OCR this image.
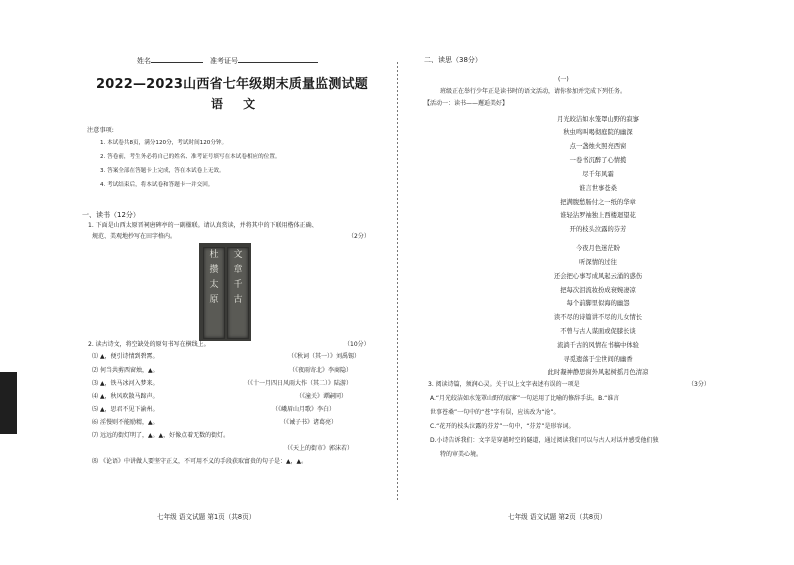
姓名	准考证号
2022—2023山西省七年级期末质量监测试题
语 文
注意事项:
1. 本试卷共8页，满分120分，考试时间120分钟。
2. 答卷前，考生务必将自己的姓名、准考证号填写在本试卷相应的位置。
3. 答案全部在答题卡上完成，答在本试卷上无效。
4. 考试结束后，将本试卷和答题卡一并交回。
一、读书（12分）
1. 下面是山西太原晋祠唐碑亭的一副楹联。请认真赏读，并将其中的下联用楷体正确、
规范、美观地抄写在田字格内。	（2分）
杜
攒
太
原
文
章
千
古
2. 读古诗文，将空缺处的原句书写在横线上。	（10分）
⑴ ▲，便引诗情到碧霄。	（《秋词（其一）》刘禹锡）
⑵ 何当共剪西窗烛，▲。	（《夜雨寄北》李商隐）
⑶ ▲，铁马冰河入梦来。	（《十一月四日风雨大作（其二）》陆游）
⑷ ▲，秋风吹散马蹄声。	（《潼关》谭嗣同）
⑸ ▲，思君不见下渝州。	（《峨眉山月歌》李白）
⑹ 淫慢则不能励精，▲。	（《诫子书》诸葛亮）
⑺ 远远的街灯明了，▲。▲，好像点着无数的街灯。
（《天上的街市》郭沫若）
⑻ 《论语》中讲做人要坚守正义，不可用不义的手段获取富贵的句子是：▲，▲。
七年级 语文试题 第1页（共8页）
二、读思（38分）
(一)
班级正在举行少年正是读书时的语文活动，请你参加并完成下列任务。
【活动一：读书——邂逅美好】
月光皎洁如水笼罩山野的寂寥
秋虫鸣叫喝彻庭院的幽深
点一盏烛火照亮西窗
一卷书沉醉了心情揽
尽千年风霜
谁言世事苍桑
把满腹愁肠付之一纸的华章
谁轻沾罗袖独上西楼迴望花
开的枝头泣露的芬芳
今夜月色迷茫盼
听深情的过往
还会把心事写成风起云涌的惑伤
把每次泪流妆扮成衰婉凄凉
每个前脚里似海的幽怨
读不尽的诗篇讲不尽的儿女情长
不曾与古人谋面或促膝长谈
流淌千古的风情在书稿中体验
寻觅遗落于尘世间的幽香
此时凝神静思窗外风起树摇月色清凉
3. 阅读诗篇，须润心灵。关于以上文字表述有误的一项是	（3分）
A.“月光皎洁如水笼罩山野的寂寥”一句运用了比喻的修辞手法。B.“谁言
世事苍桑”一句中的“苍”字有误，应该改为“沧”。
C.“花开的枝头泣露的芬芳”一句中，“芬芳”是形容词。
D.小诗告诉我们：文字是穿越时空的隧道，通过阅读我们可以与古人对话并感受他们独
特的审美心境。
七年级 语文试题 第2页（共8页）
